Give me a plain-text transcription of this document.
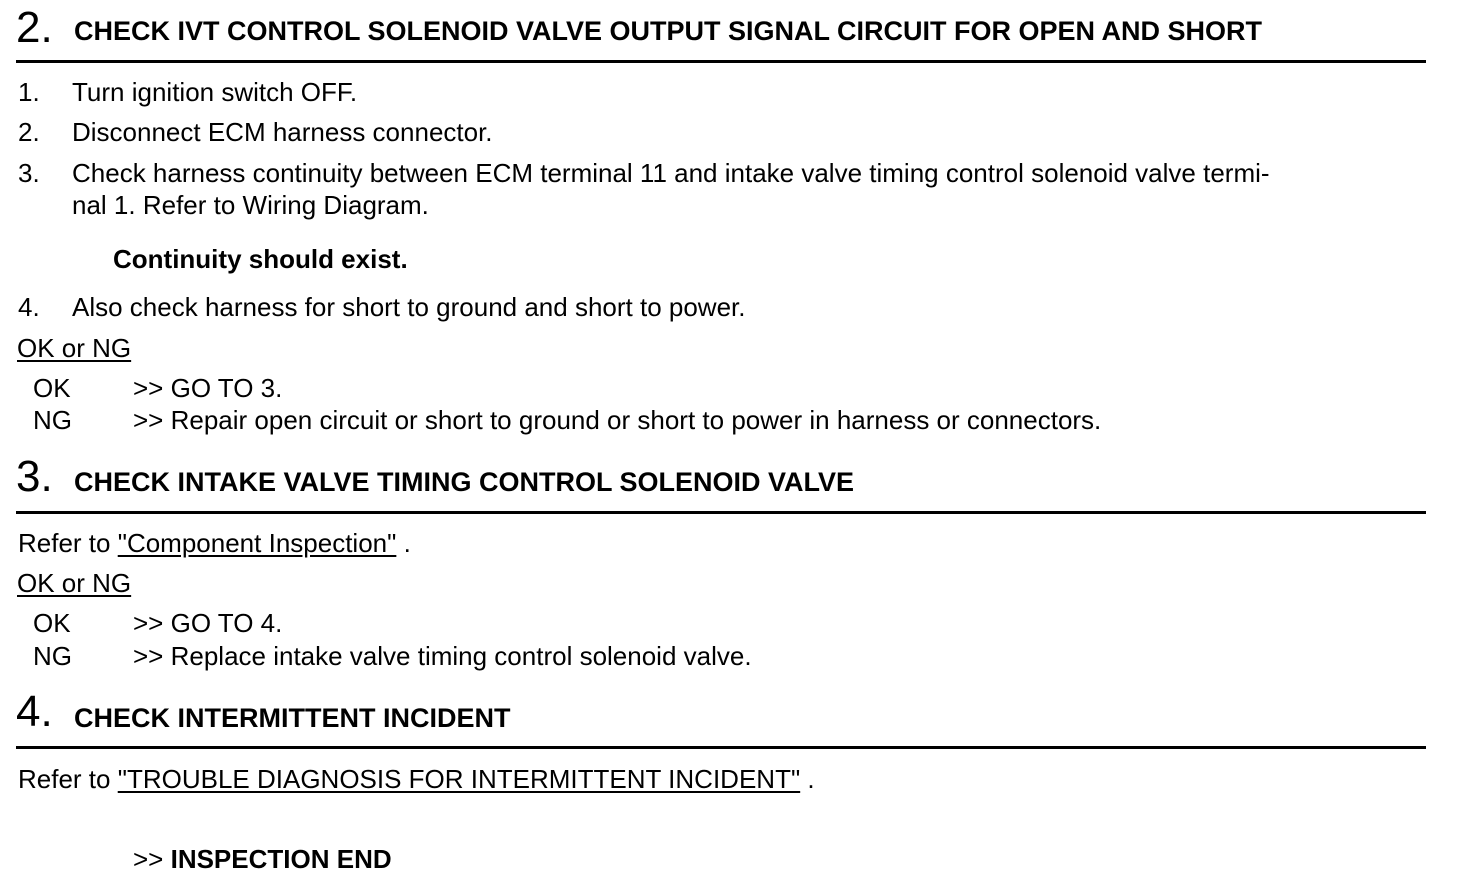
2. CHECK IVT CONTROL SOLENOID VALVE OUTPUT SIGNAL CIRCUIT FOR OPEN AND SHORT
1. Turn ignition switch OFF.
2. Disconnect ECM harness connector.
3. Check harness continuity between ECM terminal 11 and intake valve timing control solenoid valve termi-
nal 1. Refer to Wiring Diagram.
Continuity should exist.
4. Also check harness for short to ground and short to power.
OK or NG
OK >> GO TO 3.
NG >> Repair open circuit or short to ground or short to power in harness or connectors.
3. CHECK INTAKE VALVE TIMING CONTROL SOLENOID VALVE
Refer to "Component Inspection" .
OK or NG
OK >> GO TO 4.
NG >> Replace intake valve timing control solenoid valve.
4. CHECK INTERMITTENT INCIDENT
Refer to "TROUBLE DIAGNOSIS FOR INTERMITTENT INCIDENT" .
>> INSPECTION END
